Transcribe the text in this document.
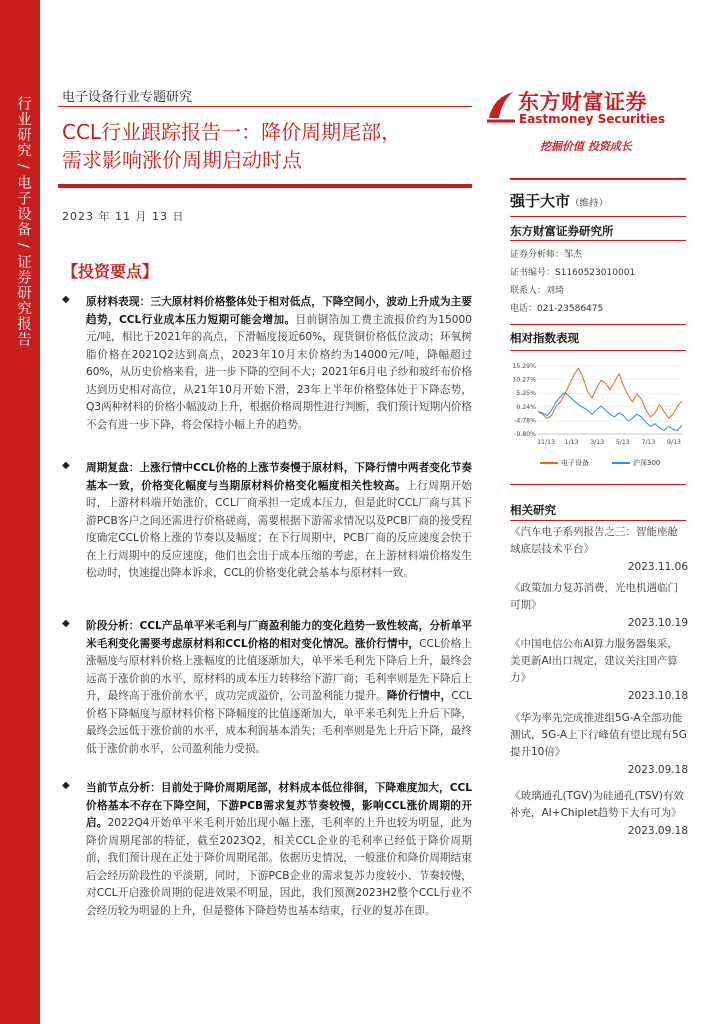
行业研究 / 电子设备 / 证券研究报告 电子设备行业专题研究
CCL行业跟踪报告一：降价周期尾部，
需求影响涨价周期启动时点
2023 年 11 月 13 日
【投资要点】
◆ 原材料表现：三大原材料价格整体处于相对低点，下降空间小，波动上升成为主要趋势，CCL行业成本压力短期可能会增加。目前铜箔加工费主流报价约为15000元/吨，相比于2021年的高点，下滑幅度接近60%，现货铜价格低位波动；环氧树脂价格在2021Q2达到高点，2023年10月末价格约为14000元/吨，降幅超过60%，从历史价格来看，进一步下降的空间不大；2021年6月电子纱和玻纤布价格达到历史相对高位，从21年10月开始下滑，23年上半年价格整体处于下降态势，Q3两种材料的价格小幅波动上升，根据价格周期性进行判断，我们预计短期内价格不会有进一步下降，将会保持小幅上升的趋势。
◆ 周期复盘：上涨行情中CCL价格的上涨节奏慢于原材料，下降行情中两者变化节奏基本一致，价格变化幅度与当期原材料价格变化幅度相关性较高。上行周期开始时，上游材料端开始涨价，CCL厂商承担一定成本压力，但是此时CCL厂商与其下游PCB客户之间还需进行价格磋商，需要根据下游需求情况以及PCB厂商的接受程度确定CCL价格上涨的节奏以及幅度；在下行周期中，PCB厂商的反应速度会快于在上行周期中的反应速度，他们也会出于成本压缩的考虑，在上游材料端价格发生松动时，快速提出降本诉求，CCL的价格变化就会基本与原材料一致。
◆ 阶段分析：CCL产品单平米毛利与厂商盈利能力的变化趋势一致性较高，分析单平米毛利变化需要考虑原材料和CCL价格的相对变化情况。涨价行情中，CCL价格上涨幅度与原材料价格上涨幅度的比值逐渐加大，单平米毛利先下降后上升，最终会远高于涨价前的水平，原材料的成本压力转移给下游厂商；毛利率则是先下降后上升，最终高于涨价前水平，成功完成溢价，公司盈利能力提升。降价行情中，CCL价格下降幅度与原材料价格下降幅度的比值逐渐加大，单平米毛利先上升后下降，最终会远低于涨价前的水平，成本利润基本消失；毛利率则是先上升后下降，最终低于涨价前水平，公司盈利能力受损。
◆ 当前节点分析：目前处于降价周期尾部，材料成本低位徘徊，下降难度加大，CCL价格基本不存在下降空间，下游PCB需求复苏节奏较慢，影响CCL涨价周期的开启。2022Q4开始单平米毛利开始出现小幅上涨，毛利率的上升也较为明显，此为降价周期尾部的特征，截至2023Q2，相关CCL企业的毛利率已经低于降价周期前，我们预计现在正处于降价周期尾部。依据历史情况，一般涨价和降价周期结束后会经历阶段性的平淡期，同时，下游PCB企业的需求复苏力度较小、节奏较慢，对CCL开启涨价周期的促进效果不明显，因此，我们预测2023H2整个CCL行业不会经历较为明显的上升，但是整体下降趋势也基本结束，行业的复苏在即。
东方财富证券
Eastmoney Securities
挖掘价值 投资成长
强于大市（维持）
东方财富证券研究所
证券分析师：邹杰
证书编号：S1160523010001
联系人：刘琦
电话：021-23586475
相对指数表现
15.29%
10.27%
5.25%
0.24%
-4.78%
-9.80%
11/13 1/13 3/13 5/13 7/13 9/13
电子设备	沪深300
相关研究
《汽车电子系列报告之三：智能座舱域底层技术平台》
2023.11.06
《政策加力复苏消费，光电机遇临门可期》
2023.10.19
《中国电信公布AI算力服务器集采，美更新AI出口规定，建议关注国产算力》
2023.10.18
《华为率先完成推进组5G-A全部功能测试，5G-A上下行峰值有望比现有5G提升10倍》
2023.09.18
《玻璃通孔(TGV)为硅通孔(TSV)有效补充，AI+Chiplet趋势下大有可为》
2023.09.18
